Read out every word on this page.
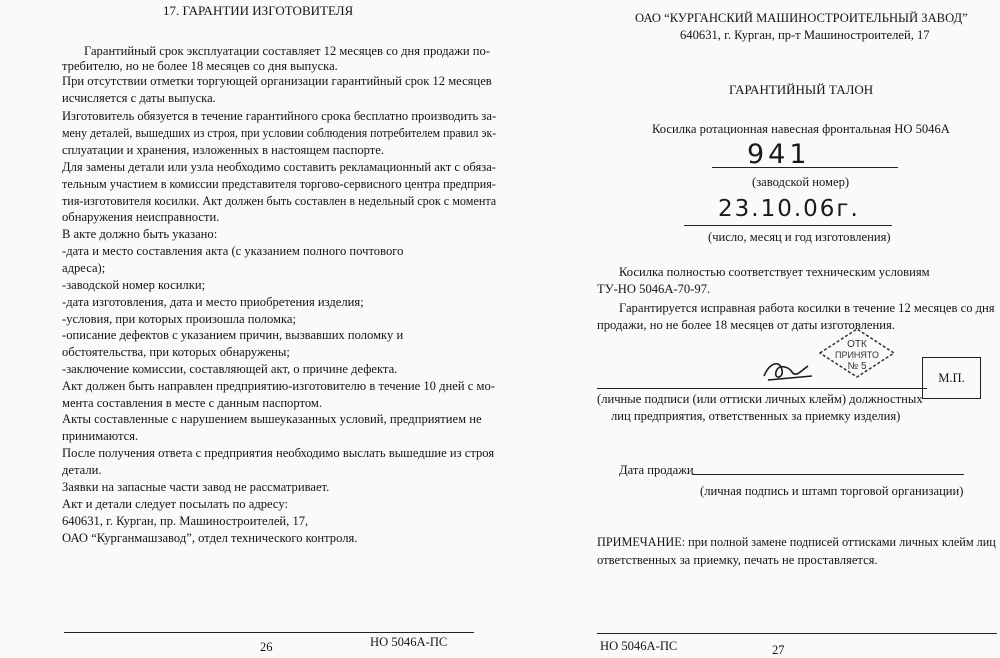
17. ГАРАНТИИ ИЗГОТОВИТЕЛЯ
Гарантийный срок эксплуатации составляет 12 месяцев со дня продажи по-
требителю, но не более 18 месяцев со дня выпуска.
При отсутствии отметки торгующей организации гарантийный срок 12 месяцев
исчисляется с даты выпуска.
Изготовитель обязуется в течение гарантийного срока бесплатно производить за-
мену деталей, вышедших из строя, при условии соблюдения потребителем правил эк-
сплуатации и хранения, изложенных в настоящем паспорте.
Для замены детали или узла необходимо составить рекламационный акт с обяза-
тельным участием в комиссии представителя торгово-сервисного центра предприя-
тия-изготовителя косилки. Акт должен быть составлен в недельный срок с момента
обнаружения неисправности.
В акте должно быть указано:
-дата и место составления акта (с указанием полного почтового
адреса);
-заводской номер косилки;
-дата изготовления, дата и место приобретения изделия;
-условия, при которых произошла поломка;
-описание дефектов с указанием причин, вызвавших поломку и
обстоятельства, при которых обнаружены;
-заключение комиссии, составляющей акт, о причине дефекта.
Акт должен быть направлен предприятию-изготовителю в течение 10 дней с мо-
мента составления в месте с данным паспортом.
Акты составленные с нарушением вышеуказанных условий, предприятием не
принимаются.
После получения ответа с предприятия необходимо выслать вышедшие из строя
детали.
Заявки на запасные части завод не рассматривает.
Акт и детали следует посылать по адресу:
640631, г. Курган, пр. Машиностроителей, 17,
ОАО “Курганмашзавод”, отдел технического контроля.
26	НО 5046А-ПС
ОАО “КУРГАНСКИЙ МАШИНОСТРОИТЕЛЬНЫЙ ЗАВОД”
640631, г. Курган, пр-т Машиностроителей, 17
ГАРАНТИЙНЫЙ ТАЛОН
Косилка ротационная навесная фронтальная НО 5046А
941
(заводской номер)
23.10.06г.
(число, месяц и год изготовления)
Косилка полностью соответствует техническим условиям
ТУ-НО 5046А-70-97.
Гарантируется исправная работа косилки в течение 12 месяцев со дня
продажи, но не более 18 месяцев от даты изготовления.
ОТК
ПРИНЯТО
№ 5
М.П.
(личные подписи (или оттиски личных клейм) должностных
лиц предприятия, ответственных за приемку изделия)
Дата продажи
(личная подпись и штамп торговой организации)
ПРИМЕЧАНИЕ: при полной замене подписей оттисками личных клейм лиц
ответственных за приемку, печать не проставляется.
НО 5046А-ПС	27
